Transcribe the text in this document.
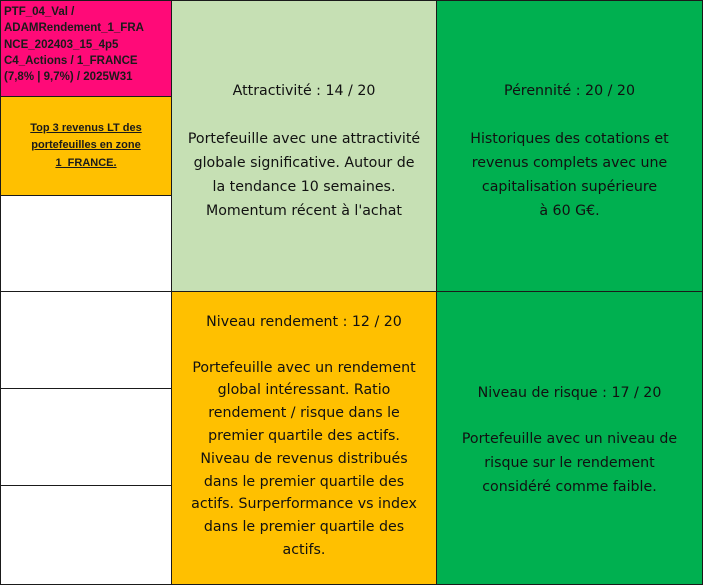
PTF_04_Val /
ADAMRendement_1_FRA
NCE_202403_15_4p5
C4_Actions / 1_FRANCE
(7,8% | 9,7%) / 2025W31
Top 3 revenus LT des
portefeuilles en zone
1_FRANCE.
Attractivité : 14 / 20
Portefeuille avec une attractivité
globale significative. Autour de
la tendance 10 semaines.
Momentum récent à l'achat
Pérennité : 20 / 20
Historiques des cotations et
revenus complets avec une
capitalisation supérieure
à 60 G€.
Niveau rendement : 12 / 20
Portefeuille avec un rendement
global intéressant. Ratio
rendement / risque dans le
premier quartile des actifs.
Niveau de revenus distribués
dans le premier quartile des
actifs. Surperformance vs index
dans le premier quartile des
actifs.
Niveau de risque : 17 / 20
Portefeuille avec un niveau de
risque sur le rendement
considéré comme faible.
